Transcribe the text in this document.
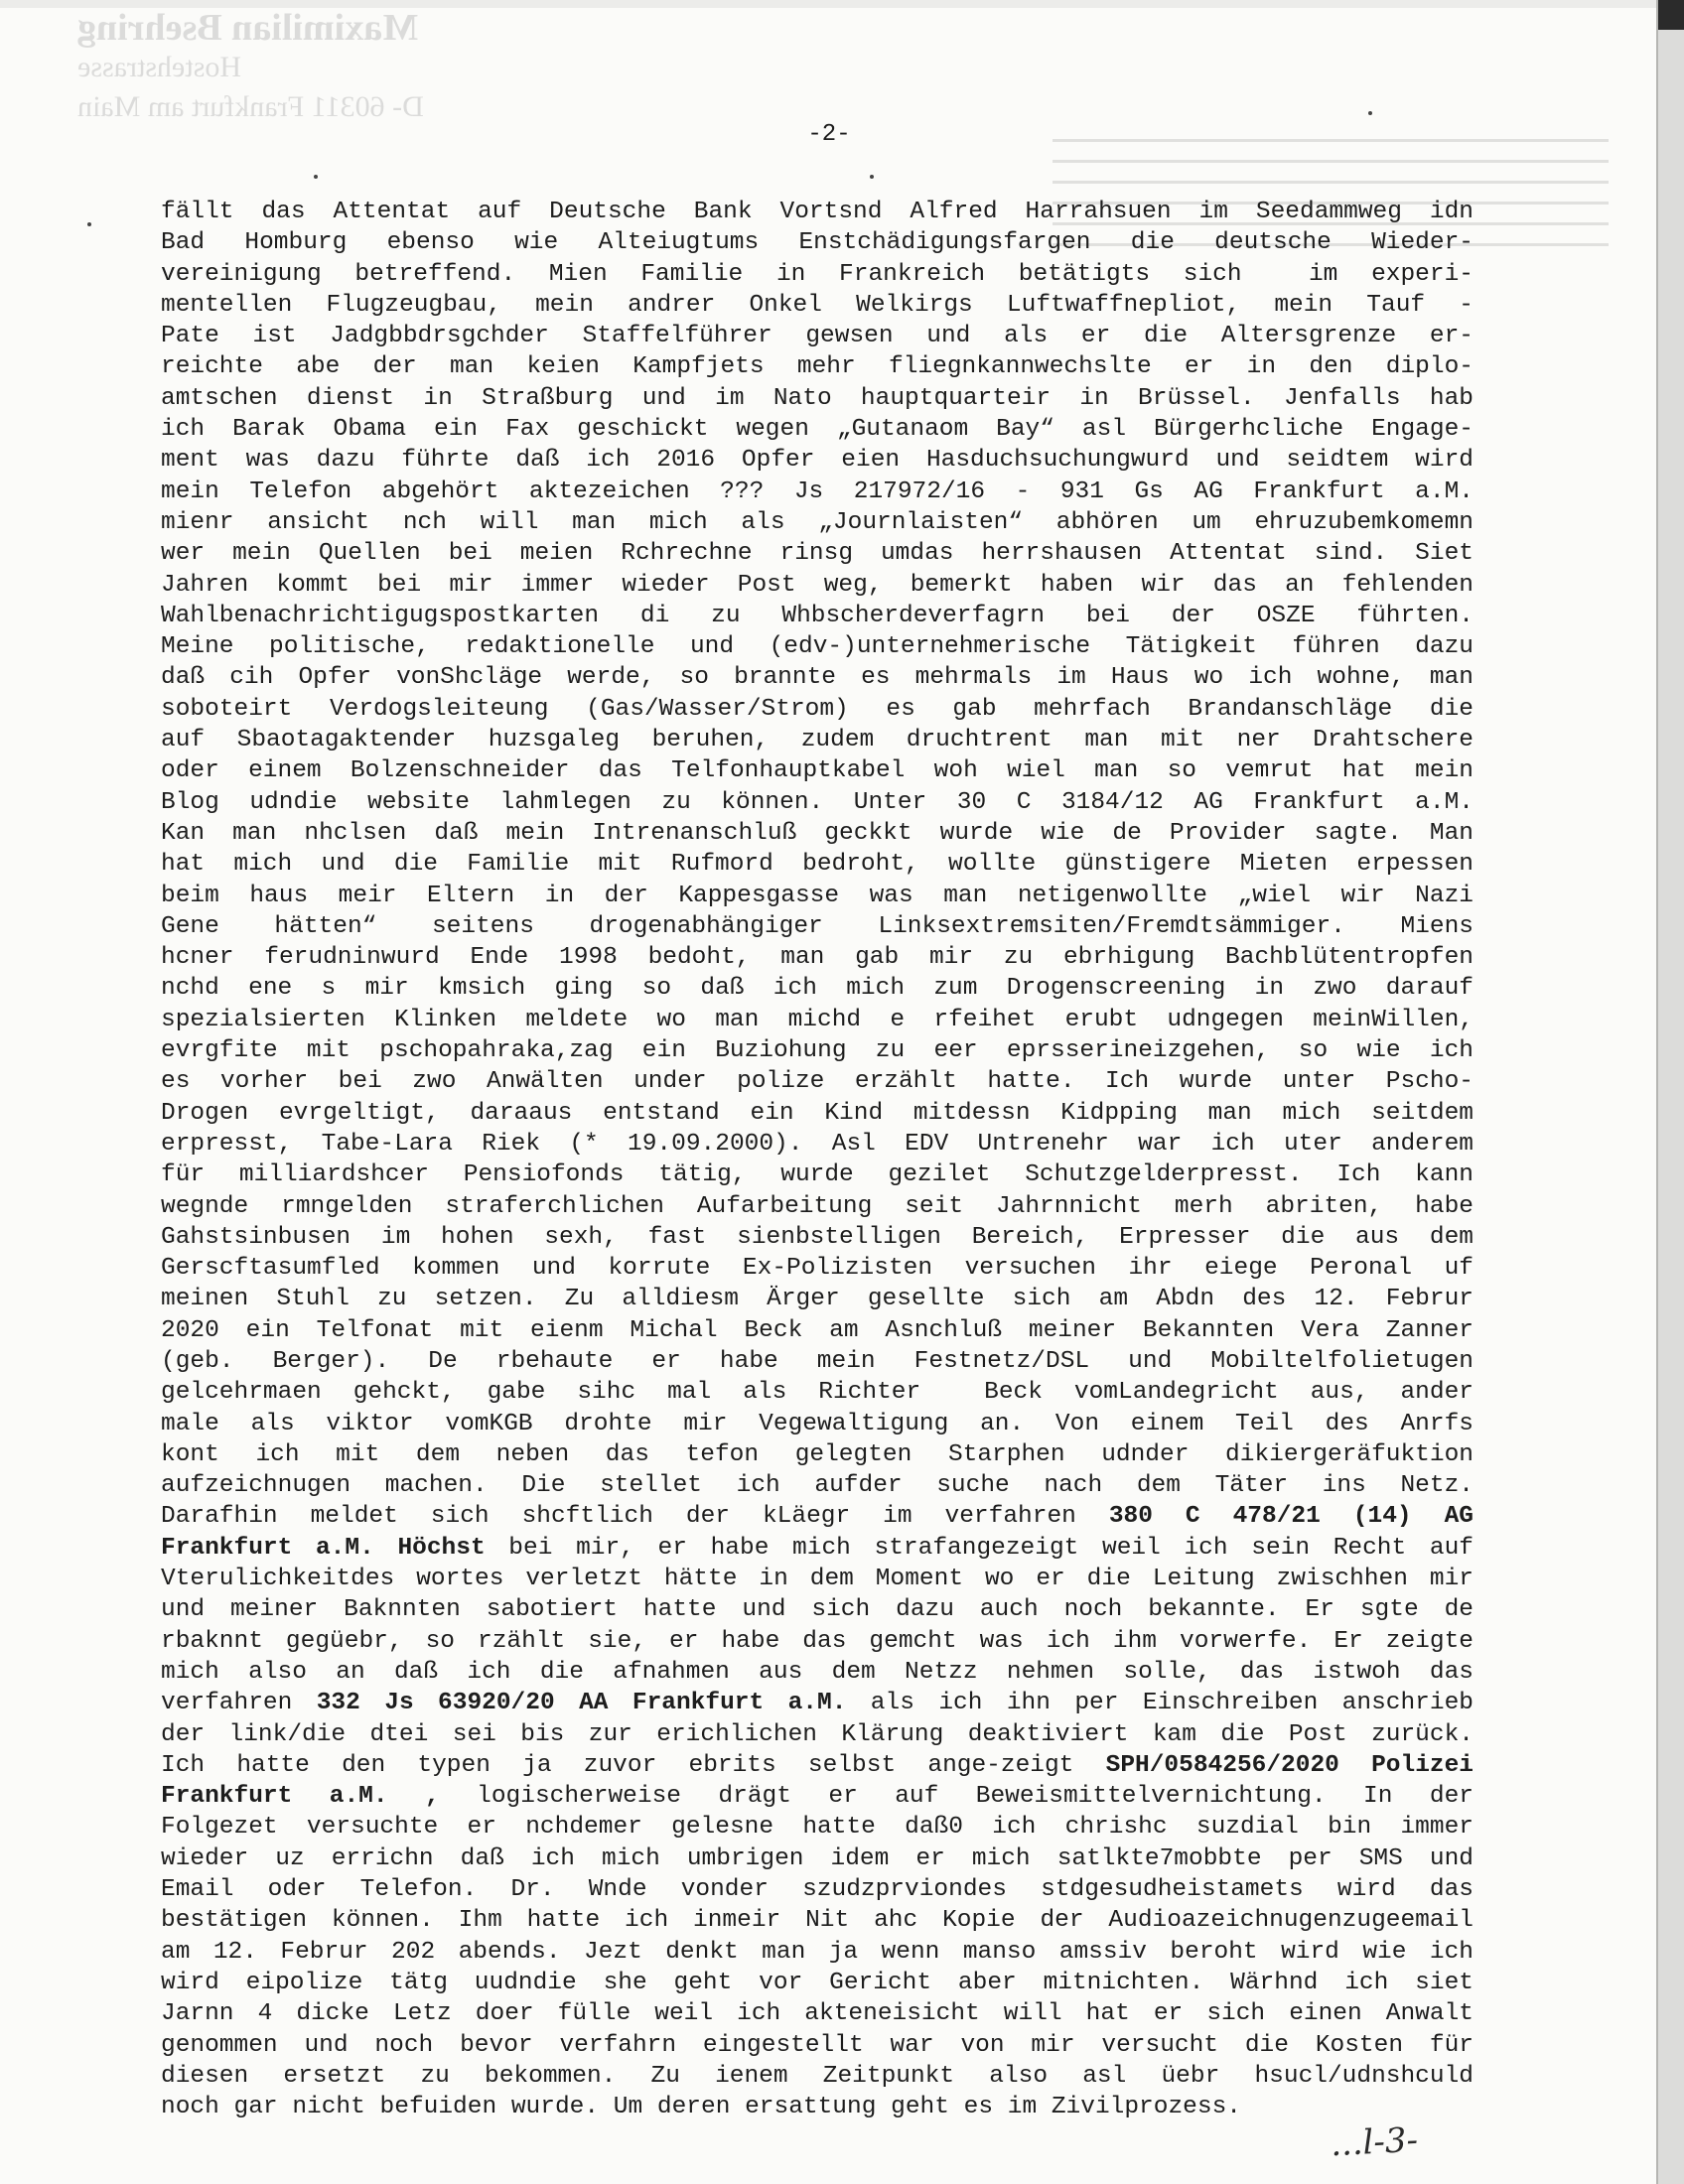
Maximilian Bsehring
Hostehstrasse
D- 60311 Frankfurt am Main
-2-
fällt das Attentat auf Deutsche Bank Vortsnd Alfred Harrahsuen im Seedammweg idn
Bad Homburg ebenso wie Alteiugtums Enstchädigungsfargen die deutsche Wieder-
vereinigung betreffend. Mien Familie in Frankreich betätigts sich  im experi-
mentellen Flugzeugbau, mein andrer Onkel Welkirgs Luftwaffnepliot, mein Tauf -
Pate ist Jadgbbdrsgchder Staffelführer gewsen und als er die Altersgrenze er-
reichte abe der man keien Kampfjets mehr fliegnkannwechslte er in den diplo-
amtschen dienst in Straßburg und im Nato hauptquarteir in Brüssel. Jenfalls hab
ich Barak Obama ein Fax geschickt wegen „Gutanaom Bay“ asl Bürgerhcliche Engage-
ment was dazu führte daß ich 2016 Opfer eien Hasduchsuchungwurd und seidtem wird
mein Telefon abgehört aktezeichen ??? Js 217972/16 - 931 Gs AG Frankfurt a.M.
mienr ansicht nch will man mich als „Journlaisten“ abhören um ehruzubemkomemn
wer mein Quellen bei meien Rchrechne rinsg umdas herrshausen Attentat sind. Siet
Jahren kommt bei mir immer wieder Post weg, bemerkt haben wir das an fehlenden
Wahlbenachrichtigugspostkarten di zu Whbscherdeverfagrn bei der OSZE führten.
Meine politische, redaktionelle und (edv-)unternehmerische Tätigkeit führen dazu
daß cih Opfer vonShcläge werde, so brannte es mehrmals im Haus wo ich wohne, man
soboteirt Verdogsleiteung (Gas/Wasser/Strom) es gab mehrfach Brandanschläge die
auf Sbaotagaktender huzsgaleg beruhen, zudem druchtrent man mit ner Drahtschere
oder einem Bolzenschneider das Telfonhauptkabel woh wiel man so vemrut hat mein
Blog udndie website lahmlegen zu können. Unter 30 C 3184/12 AG Frankfurt a.M.
Kan man nhclsen daß mein Intrenanschluß geckkt wurde wie de Provider sagte. Man
hat mich und die Familie mit Rufmord bedroht, wollte günstigere Mieten erpessen
beim haus meir Eltern in der Kappesgasse was man netigenwollte „wiel wir Nazi
Gene hätten“ seitens drogenabhängiger Linksextremsiten/Fremdtsämmiger. Miens
hcner ferudninwurd Ende 1998 bedoht, man gab mir zu ebrhigung Bachblütentropfen
nchd ene s mir kmsich ging so daß ich mich zum Drogenscreening in zwo darauf
spezialsierten Klinken meldete wo man michd e rfeihet erubt udngegen meinWillen,
evrgfite mit pschopahraka,zag ein Buziohung zu eer eprsserineizgehen, so wie ich
es vorher bei zwo Anwälten under polize erzählt hatte. Ich wurde unter Pscho-
Drogen evrgeltigt, daraaus entstand ein Kind mitdessn Kidpping man mich seitdem
erpresst, Tabe-Lara Riek (* 19.09.2000). Asl EDV Untrenehr war ich uter anderem
für milliardshcer Pensiofonds tätig, wurde gezilet Schutzgelderpresst. Ich kann
wegnde rmngelden straferchlichen Aufarbeitung seit Jahrnnicht merh abriten, habe
Gahstsinbusen im hohen sexh, fast sienbstelligen Bereich, Erpresser die aus dem
Gerscftasumfled kommen und korrute Ex-Polizisten versuchen ihr eiege Peronal uf
meinen Stuhl zu setzen. Zu alldiesm Ärger gesellte sich am Abdn des 12. Februr
2020 ein Telfonat mit eienm Michal Beck am Asnchluß meiner Bekannten Vera Zanner
(geb. Berger). De rbehaute er habe mein Festnetz/DSL und Mobiltelfolietugen
gelcehrmaen gehckt, gabe sihc mal als Richter  Beck vomLandegricht aus, ander
male als viktor vomKGB drohte mir Vegewaltigung an. Von einem Teil des Anrfs
kont ich mit dem neben das tefon gelegten Starphen udnder dikiergeräfuktion
aufzeichnugen machen. Die stellet ich aufder suche nach dem Täter ins Netz.
Darafhin meldet sich shcftlich der kLäegr im verfahren 380 C 478/21 (14) AG
Frankfurt a.M. Höchst bei mir, er habe mich strafangezeigt weil ich sein Recht auf
Vterulichkeitdes wortes verletzt hätte in dem Moment wo er die Leitung zwischhen mir
und meiner Baknnten sabotiert hatte und sich dazu auch noch bekannte. Er sgte de
rbaknnt gegüebr, so rzählt sie, er habe das gemcht was ich ihm vorwerfe. Er zeigte
mich also an daß ich die afnahmen aus dem Netzz nehmen solle, das istwoh das
verfahren 332 Js 63920/20 AA Frankfurt a.M. als ich ihn per Einschreiben anschrieb
der link/die dtei sei bis zur erichlichen Klärung deaktiviert kam die Post zurück.
Ich hatte den typen ja zuvor ebrits selbst ange-zeigt SPH/0584256/2020 Polizei
Frankfurt a.M. , logischerweise drägt er auf Beweismittelvernichtung. In der
Folgezet versuchte er nchdemer gelesne hatte daß0 ich chrishc suzdial bin immer
wieder uz errichn daß ich mich umbrigen idem er mich satlkte7mobbte per SMS und
Email oder Telefon. Dr. Wnde vonder szudzprviondes stdgesudheistamets wird das
bestätigen können. Ihm hatte ich inmeir Nit ahc Kopie der Audioazeichnugenzugeemail
am 12. Februr 202 abends. Jezt denkt man ja wenn manso amssiv beroht wird wie ich
wird eipolize tätg uudndie she geht vor Gericht aber mitnichten. Wärhnd ich siet
Jarnn 4 dicke Letz doer fülle weil ich akteneisicht will hat er sich einen Anwalt
genommen und noch bevor verfahrn eingestellt war von mir versucht die Kosten für
diesen ersetzt zu bekommen. Zu ienem Zeitpunkt also asl üebr hsucl/udnshculd
noch gar nicht befuiden wurde. Um deren ersattung geht es im Zivilprozess.
...l-3-
